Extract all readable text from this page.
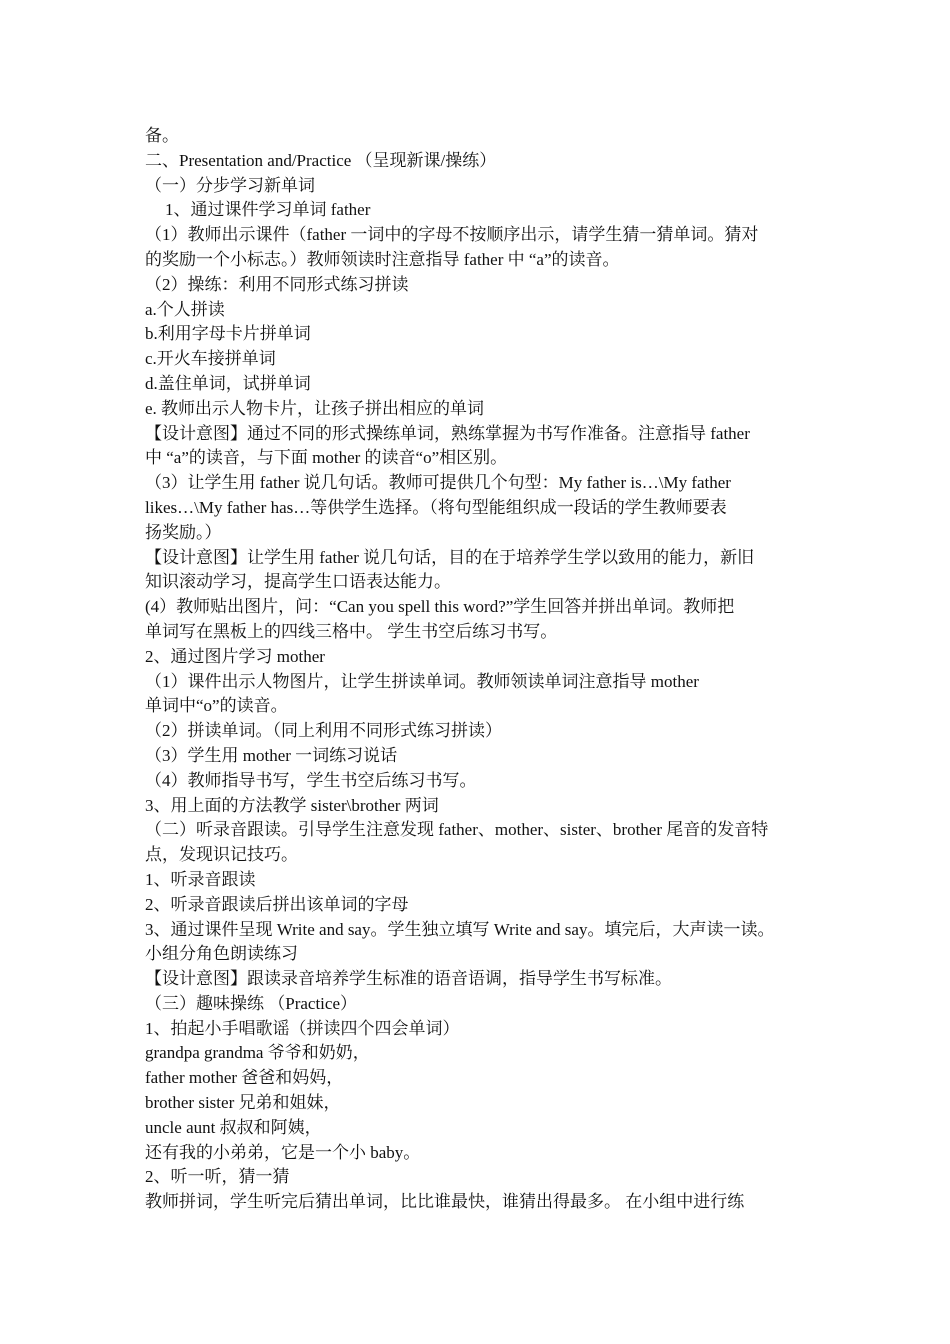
备。
二、Presentation and/Practice （呈现新课/操练）
（一）分步学习新单词
1、通过课件学习单词 father
（1）教师出示课件（father 一词中的字母不按顺序出示，请学生猜一猜单词。猜对
的奖励一个小标志。）教师领读时注意指导 father 中 “a”的读音。
（2）操练：利用不同形式练习拼读
a.个人拼读
b.利用字母卡片拼单词
c.开火车接拼单词
d.盖住单词，试拼单词
e. 教师出示人物卡片，让孩子拼出相应的单词
【设计意图】通过不同的形式操练单词，熟练掌握为书写作准备。注意指导 father
中 “a”的读音，与下面 mother 的读音“o”相区别。
（3）让学生用 father 说几句话。教师可提供几个句型：My father is…\My father
likes…\My father has…等供学生选择。（将句型能组织成一段话的学生教师要表
扬奖励。）
【设计意图】让学生用 father 说几句话，目的在于培养学生学以致用的能力，新旧
知识滚动学习，提高学生口语表达能力。
(4）教师贴出图片，问：“Can you spell this word?”学生回答并拼出单词。教师把
单词写在黑板上的四线三格中。 学生书空后练习书写。
2、通过图片学习 mother
（1）课件出示人物图片，让学生拼读单词。教师领读单词注意指导 mother
单词中“o”的读音。
（2）拼读单词。（同上利用不同形式练习拼读）
（3）学生用 mother 一词练习说话
（4）教师指导书写，学生书空后练习书写。
3、用上面的方法教学 sister\brother 两词
（二）听录音跟读。引导学生注意发现 father、mother、sister、brother 尾音的发音特
点，发现识记技巧。
1、听录音跟读
2、听录音跟读后拼出该单词的字母
3、通过课件呈现 Write and say。学生独立填写 Write and say。填完后，大声读一读。
小组分角色朗读练习
【设计意图】跟读录音培养学生标准的语音语调，指导学生书写标准。
（三）趣味操练 （Practice）
1、拍起小手唱歌谣（拼读四个四会单词）
grandpa grandma 爷爷和奶奶，
father mother 爸爸和妈妈，
brother sister 兄弟和姐妹，
uncle aunt 叔叔和阿姨，
还有我的小弟弟，它是一个小 baby。
2、听一听，猜一猜
教师拼词，学生听完后猜出单词，比比谁最快，谁猜出得最多。 在小组中进行练
